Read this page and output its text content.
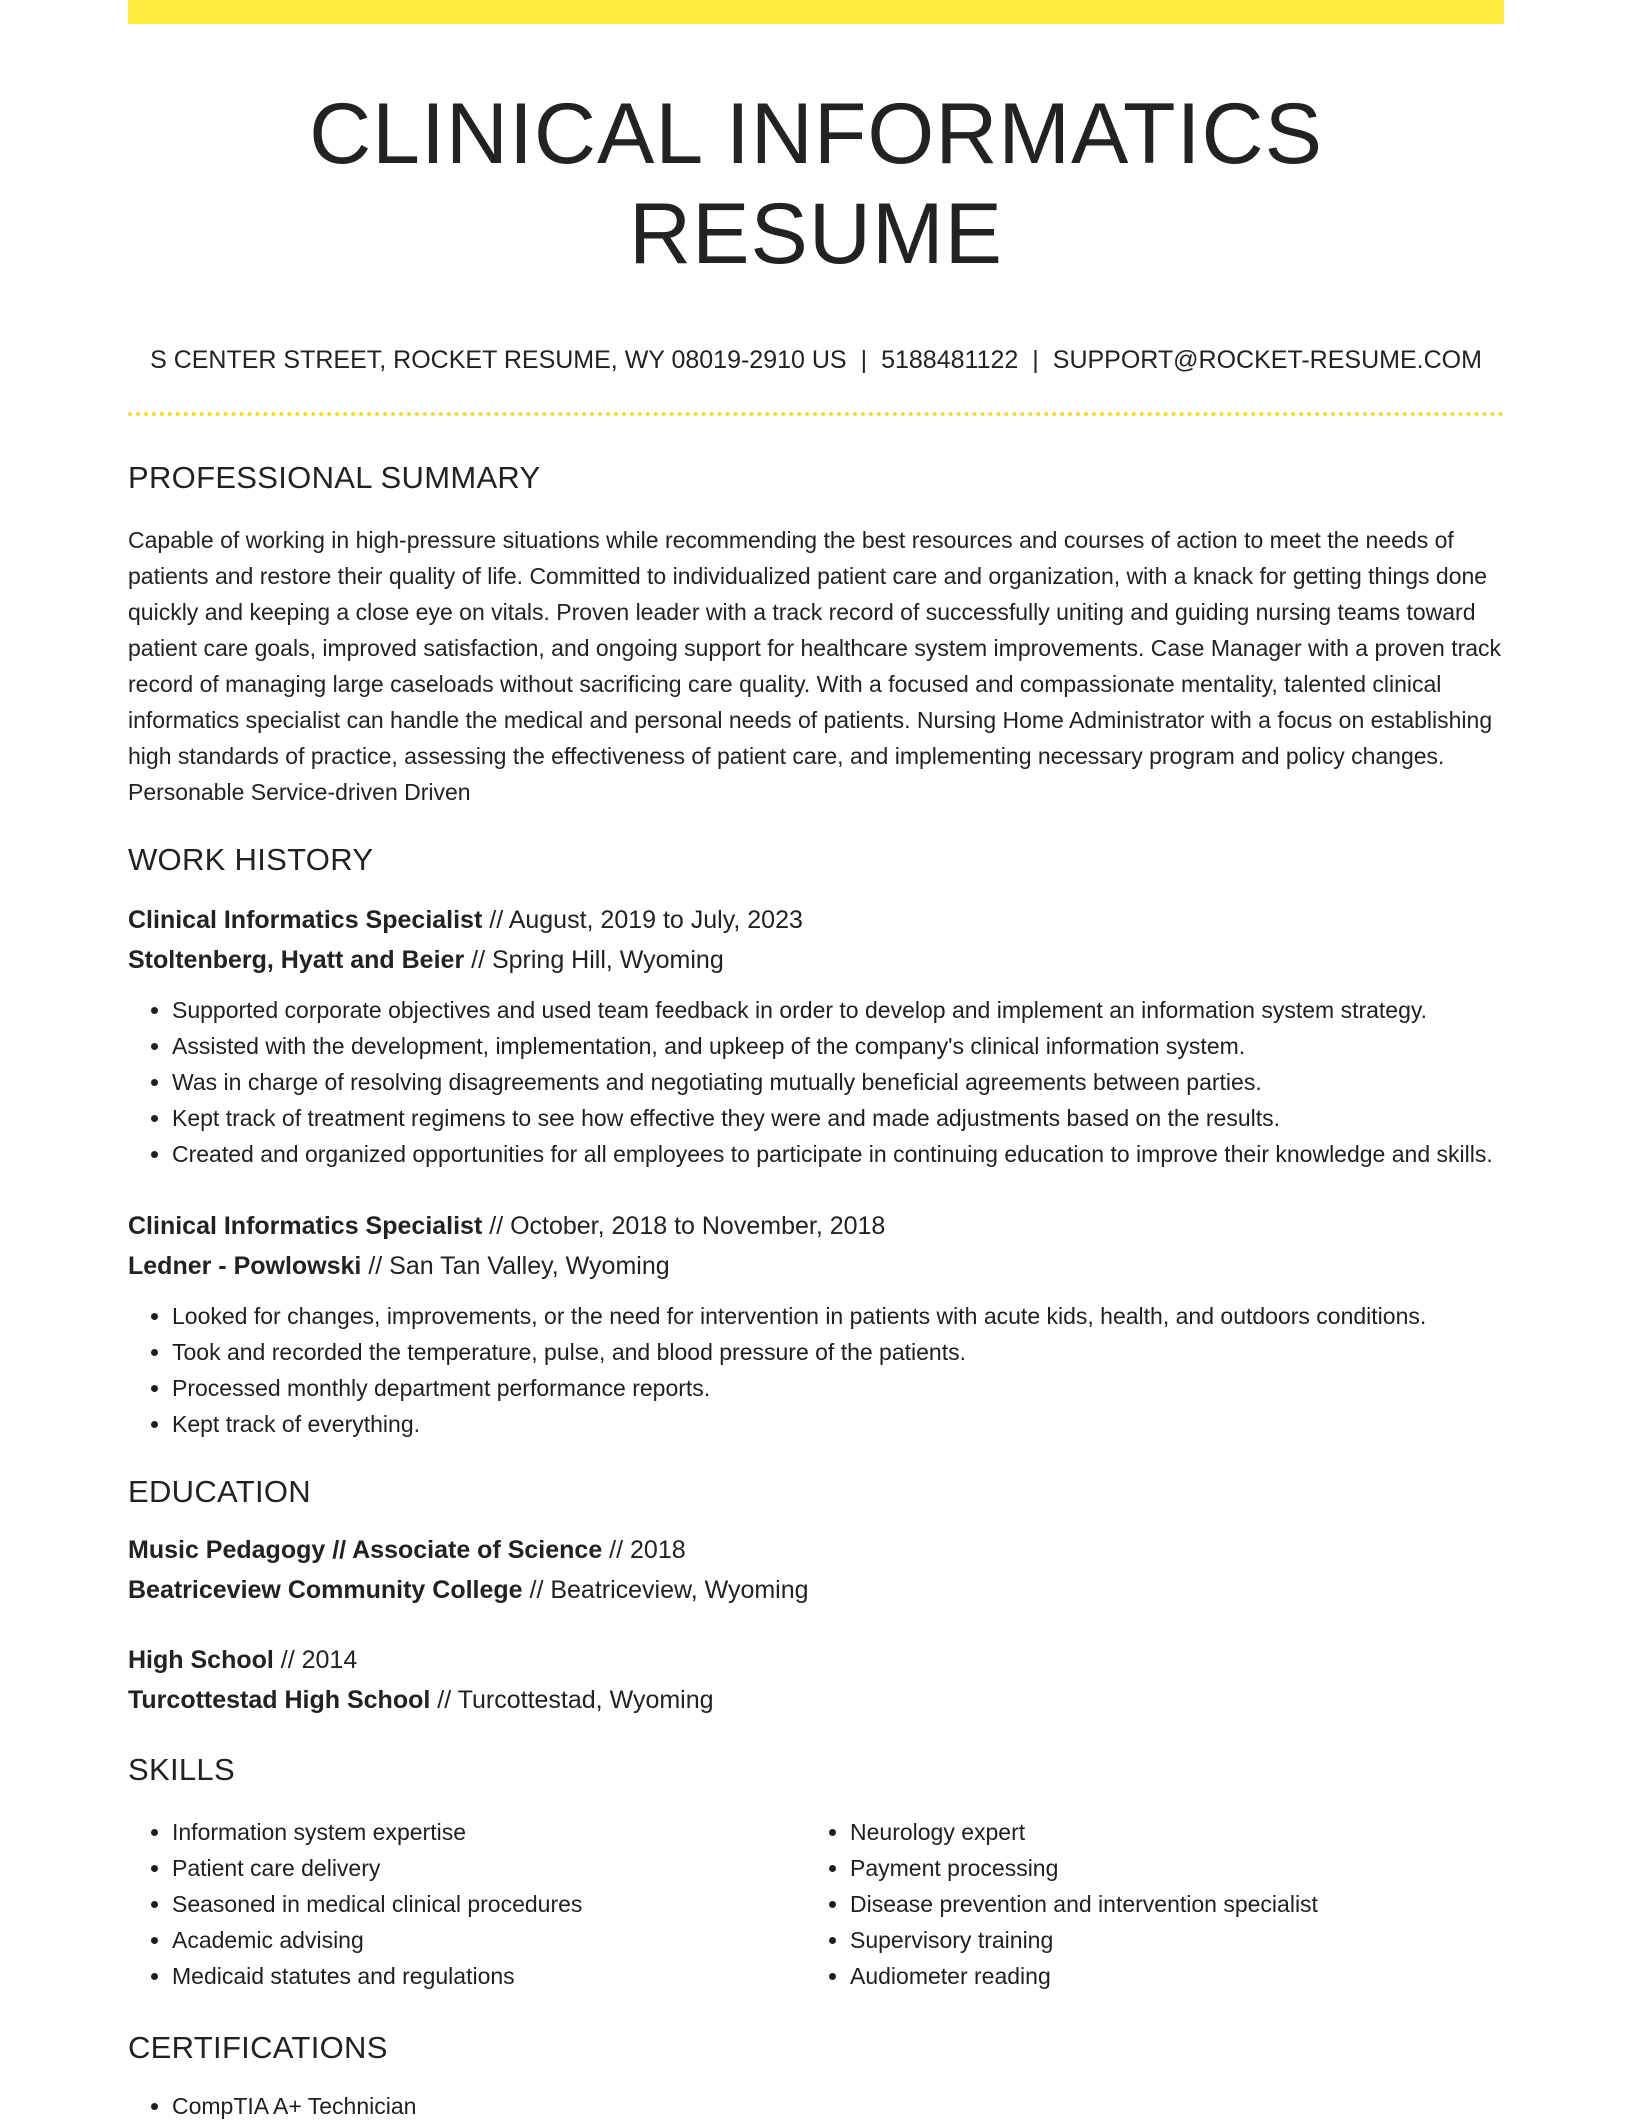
CLINICAL INFORMATICS RESUME
S CENTER STREET, ROCKET RESUME, WY 08019-2910 US | 5188481122 | SUPPORT@ROCKET-RESUME.COM
PROFESSIONAL SUMMARY

Capable of working in high-pressure situations while recommending the best resources and courses of action to meet the needs of patients and restore their quality of life. Committed to individualized patient care and organization, with a knack for getting things done quickly and keeping a close eye on vitals. Proven leader with a track record of successfully uniting and guiding nursing teams toward patient care goals, improved satisfaction, and ongoing support for healthcare system improvements. Case Manager with a proven track record of managing large caseloads without sacrificing care quality. With a focused and compassionate mentality, talented clinical informatics specialist can handle the medical and personal needs of patients. Nursing Home Administrator with a focus on establishing high standards of practice, assessing the effectiveness of patient care, and implementing necessary program and policy changes. Personable Service-driven Driven

WORK HISTORY
Clinical Informatics Specialist // August, 2019 to July, 2023
Stoltenberg, Hyatt and Beier // Spring Hill, Wyoming
• Supported corporate objectives and used team feedback in order to develop and implement an information system strategy.
• Assisted with the development, implementation, and upkeep of the company's clinical information system.
• Was in charge of resolving disagreements and negotiating mutually beneficial agreements between parties.
• Kept track of treatment regimens to see how effective they were and made adjustments based on the results.
• Created and organized opportunities for all employees to participate in continuing education to improve their knowledge and skills.
Clinical Informatics Specialist // October, 2018 to November, 2018
Ledner - Powlowski // San Tan Valley, Wyoming
• Looked for changes, improvements, or the need for intervention in patients with acute kids, health, and outdoors conditions.
• Took and recorded the temperature, pulse, and blood pressure of the patients.
• Processed monthly department performance reports.
• Kept track of everything.
EDUCATION
Music Pedagogy // Associate of Science // 2018
Beatriceview Community College // Beatriceview, Wyoming
High School // 2014
Turcottestad High School // Turcottestad, Wyoming
SKILLS
• Information system expertise
• Patient care delivery
• Seasoned in medical clinical procedures
• Academic advising
• Medicaid statutes and regulations
• Neurology expert
• Payment processing
• Disease prevention and intervention specialist
• Supervisory training
• Audiometer reading
CERTIFICATIONS
• CompTIA A+ Technician
